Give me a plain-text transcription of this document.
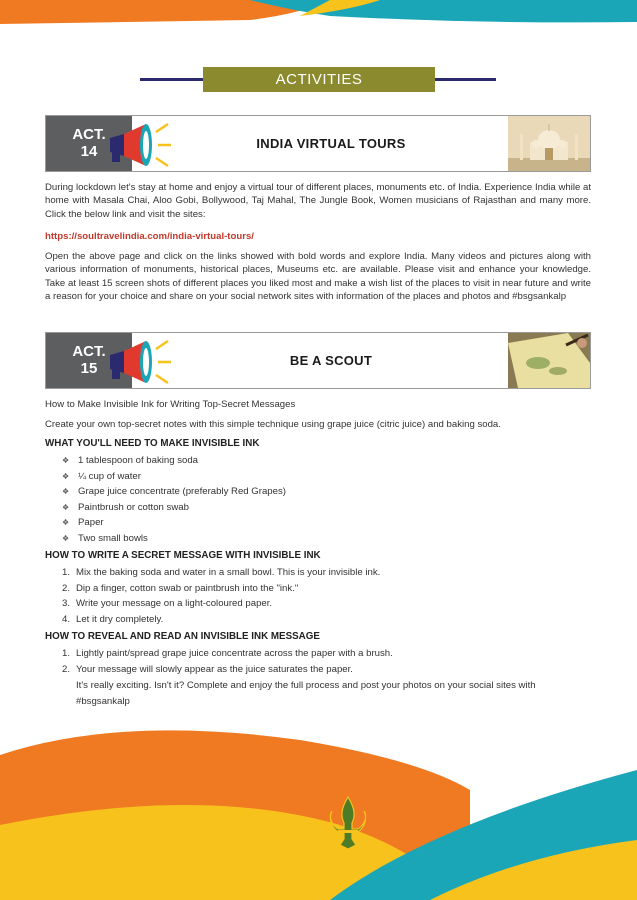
ACTIVITIES
ACT.
14	INDIA VIRTUAL TOURS
During lockdown let's stay at home and enjoy a virtual tour of different places, monuments etc. of India. Experience India while at home with Masala Chai, Aloo Gobi, Bollywood, Taj Mahal, The Jungle Book, Women musicians of Rajasthan and many more. Click the below link and visit the sites:
https://soultravelindia.com/india-virtual-tours/
Open the above page and click on the links showed with bold words and explore India. Many videos and pictures along with various information of monuments, historical places, Museums etc. are available. Please visit and enhance your knowledge. Take at least 15 screen shots of different places you liked most and make a wish list of the places to visit in near future and write a reason for your choice and share on your social network sites with information of the places and photos and #bsgsankalp
ACT.
15	BE A SCOUT
How to Make Invisible Ink for Writing Top-Secret Messages
Create your own top-secret notes with this simple technique using grape juice (citric juice) and baking soda.
WHAT YOU'LL NEED TO MAKE INVISIBLE INK
❖ 1 tablespoon of baking soda
❖ ¼ cup of water
❖ Grape juice concentrate (preferably Red Grapes)
❖ Paintbrush or cotton swab
❖ Paper
❖ Two small bowls
HOW TO WRITE A SECRET MESSAGE WITH INVISIBLE INK
1. Mix the baking soda and water in a small bowl. This is your invisible ink.
2. Dip a finger, cotton swab or paintbrush into the "ink."
3. Write your message on a light-coloured paper.
4. Let it dry completely.
HOW TO REVEAL AND READ AN INVISIBLE INK MESSAGE
1. Lightly paint/spread grape juice concentrate across the paper with a brush.
2. Your message will slowly appear as the juice saturates the paper.
It's really exciting. Isn't it? Complete and enjoy the full process and post your photos on your social sites with #bsgsankalp
